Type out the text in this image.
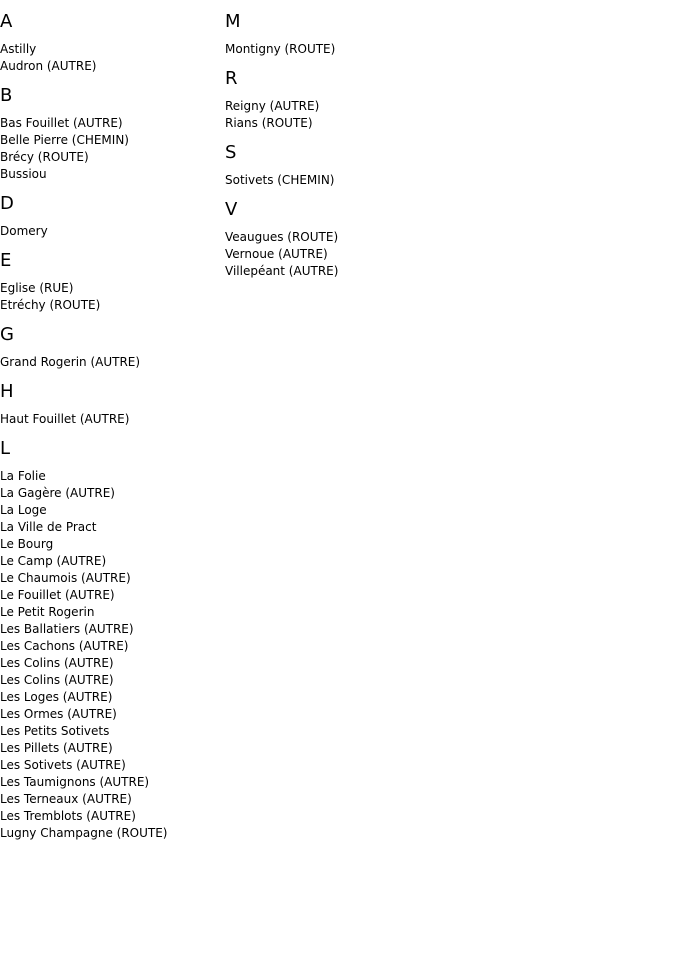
A
Astilly
Audron (AUTRE)
B
Bas Fouillet (AUTRE)
Belle Pierre (CHEMIN)
Brécy (ROUTE)
Bussiou
D
Domery
E
Eglise (RUE)
Etréchy (ROUTE)
G
Grand Rogerin (AUTRE)
H
Haut Fouillet (AUTRE)
L
La Folie
La Gagère (AUTRE)
La Loge
La Ville de Pract
Le Bourg
Le Camp (AUTRE)
Le Chaumois (AUTRE)
Le Fouillet (AUTRE)
Le Petit Rogerin
Les Ballatiers (AUTRE)
Les Cachons (AUTRE)
Les Colins (AUTRE)
Les Colins (AUTRE)
Les Loges (AUTRE)
Les Ormes (AUTRE)
Les Petits Sotivets
Les Pillets (AUTRE)
Les Sotivets (AUTRE)
Les Taumignons (AUTRE)
Les Terneaux (AUTRE)
Les Tremblots (AUTRE)
Lugny Champagne (ROUTE)
M
Montigny (ROUTE)
R
Reigny (AUTRE)
Rians (ROUTE)
S
Sotivets (CHEMIN)
V
Veaugues (ROUTE)
Vernoue (AUTRE)
Villepéant (AUTRE)
